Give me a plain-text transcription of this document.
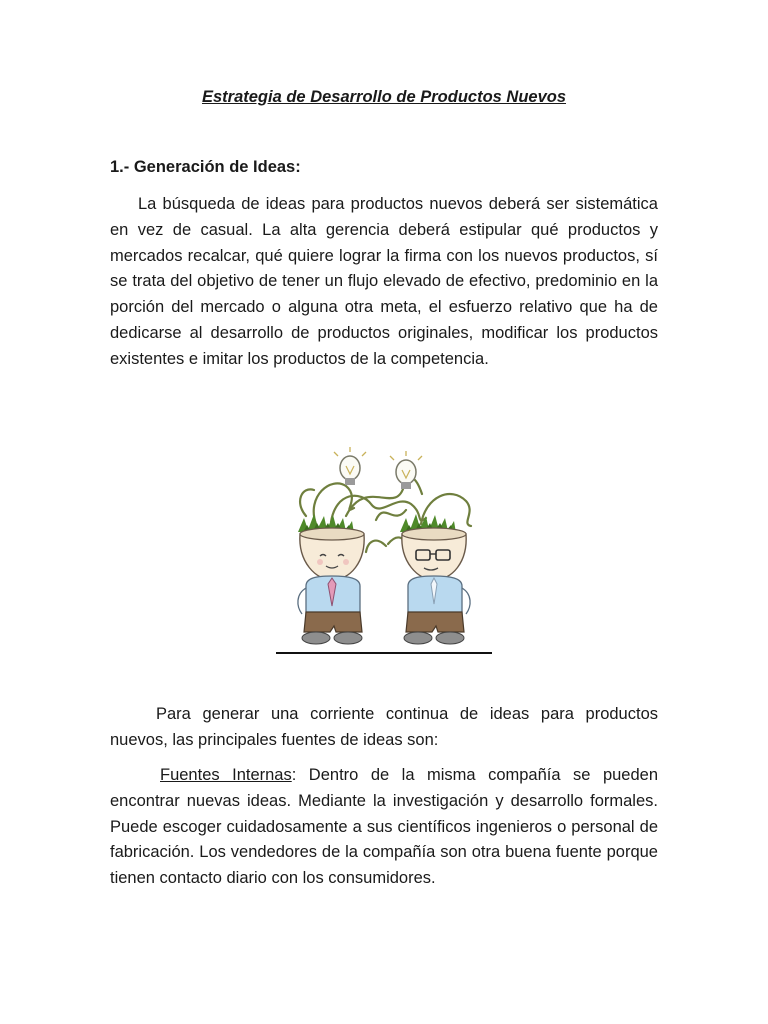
Estrategia de Desarrollo de Productos Nuevos
1.- Generación de Ideas:

La búsqueda de ideas para productos nuevos deberá ser sistemática en vez de casual. La alta gerencia deberá estipular qué productos y mercados recalcar, qué quiere lograr la firma con los nuevos productos, sí se trata del objetivo de tener un flujo elevado de efectivo, predominio en la porción del mercado o alguna otra meta, el esfuerzo relativo que ha de dedicarse al desarrollo de productos originales, modificar los productos existentes e imitar los productos de la competencia.

Para generar una corriente continua de ideas para productos nuevos, las principales fuentes de ideas son:

Fuentes Internas: Dentro de la misma compañía se pueden encontrar nuevas ideas. Mediante la investigación y desarrollo formales. Puede escoger cuidadosamente a sus científicos ingenieros o personal de fabricación. Los vendedores de la compañía son otra buena fuente porque tienen contacto diario con los consumidores.
